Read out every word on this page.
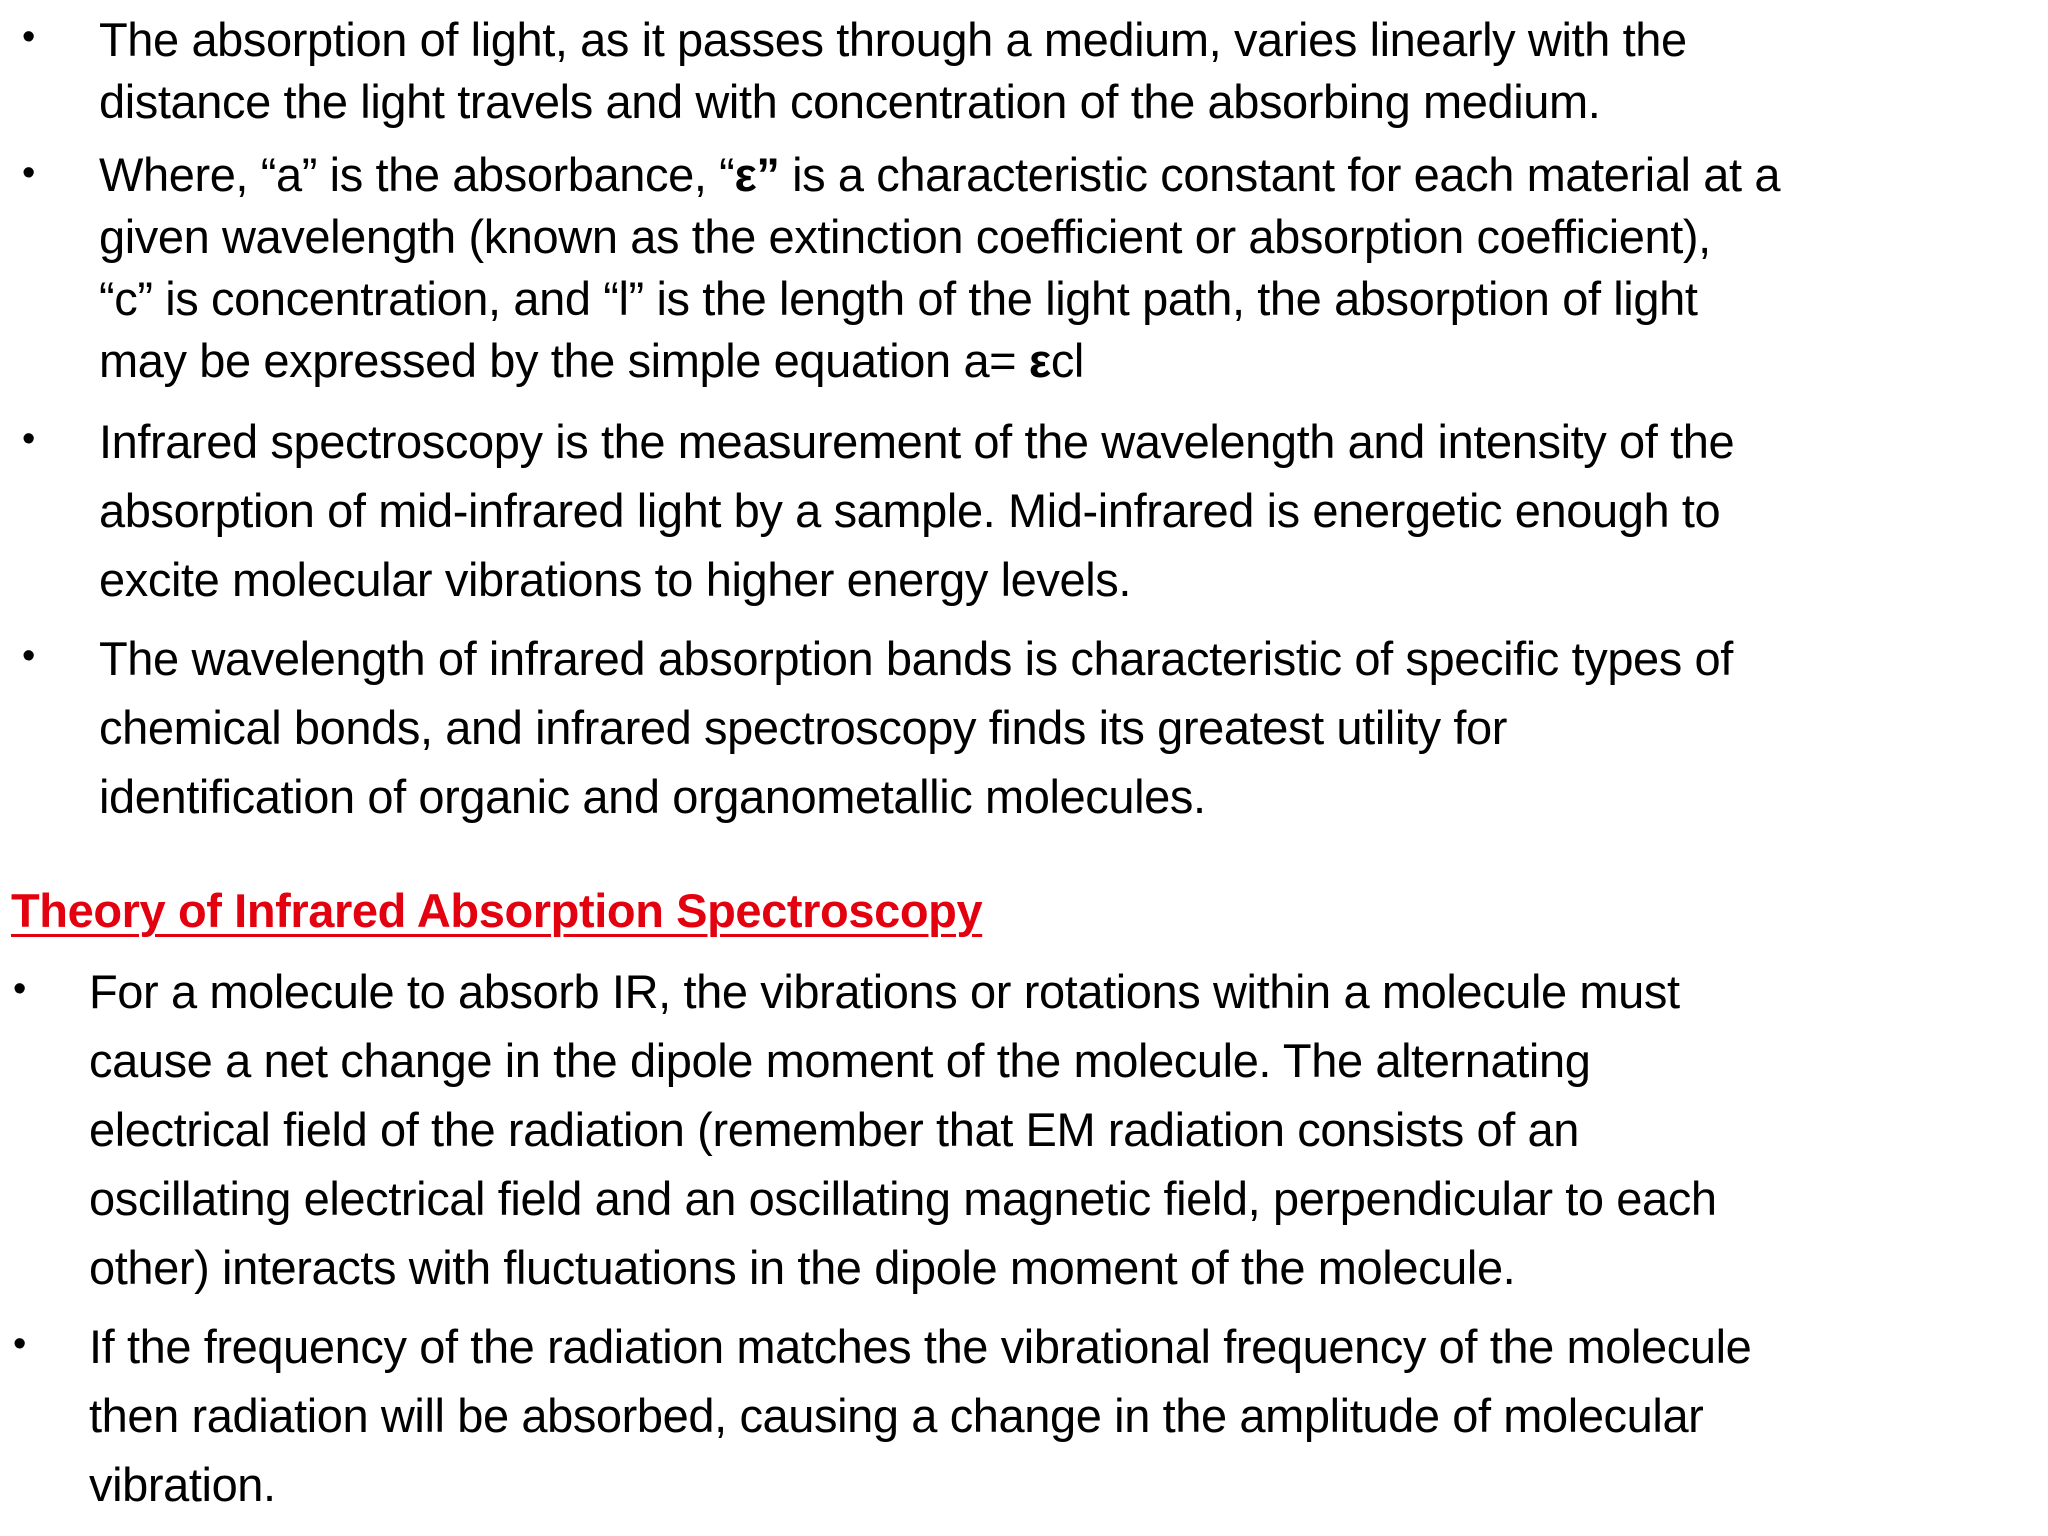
• The absorption of light, as it passes through a medium, varies linearly with the
distance the light travels and with concentration of the absorbing medium.
• Where, “a” is the absorbance, “ε” is a characteristic constant for each material at a
given wavelength (known as the extinction coefficient or absorption coefficient),
“c” is concentration, and “l” is the length of the light path, the absorption of light
may be expressed by the simple equation a= εcl
• Infrared spectroscopy is the measurement of the wavelength and intensity of the
absorption of mid-infrared light by a sample. Mid-infrared is energetic enough to
excite molecular vibrations to higher energy levels.
• The wavelength of infrared absorption bands is characteristic of specific types of
chemical bonds, and infrared spectroscopy finds its greatest utility for
identification of organic and organometallic molecules.
Theory of Infrared Absorption Spectroscopy
• For a molecule to absorb IR, the vibrations or rotations within a molecule must
cause a net change in the dipole moment of the molecule. The alternating
electrical field of the radiation (remember that EM radiation consists of an
oscillating electrical field and an oscillating magnetic field, perpendicular to each
other) interacts with fluctuations in the dipole moment of the molecule.
• If the frequency of the radiation matches the vibrational frequency of the molecule
then radiation will be absorbed, causing a change in the amplitude of molecular
vibration.
